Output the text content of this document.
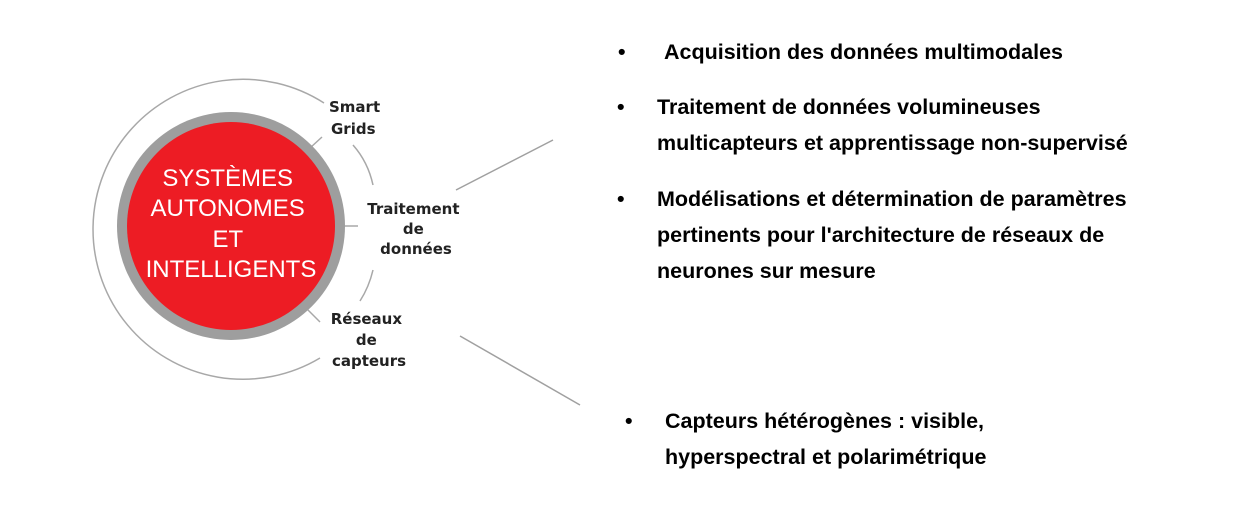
SYSTÈMES AUTONOMES ET INTELLIGENTS
Smart Grids
Traitement de données
Réseaux de capteurs
• Acquisition des données multimodales
• Traitement de données volumineuses
multicapteurs et apprentissage non-supervisé
• Modélisations et détermination de paramètres
pertinents pour l'architecture de réseaux de
neurones sur mesure
• Capteurs hétérogènes : visible,
hyperspectral et polarimétrique
